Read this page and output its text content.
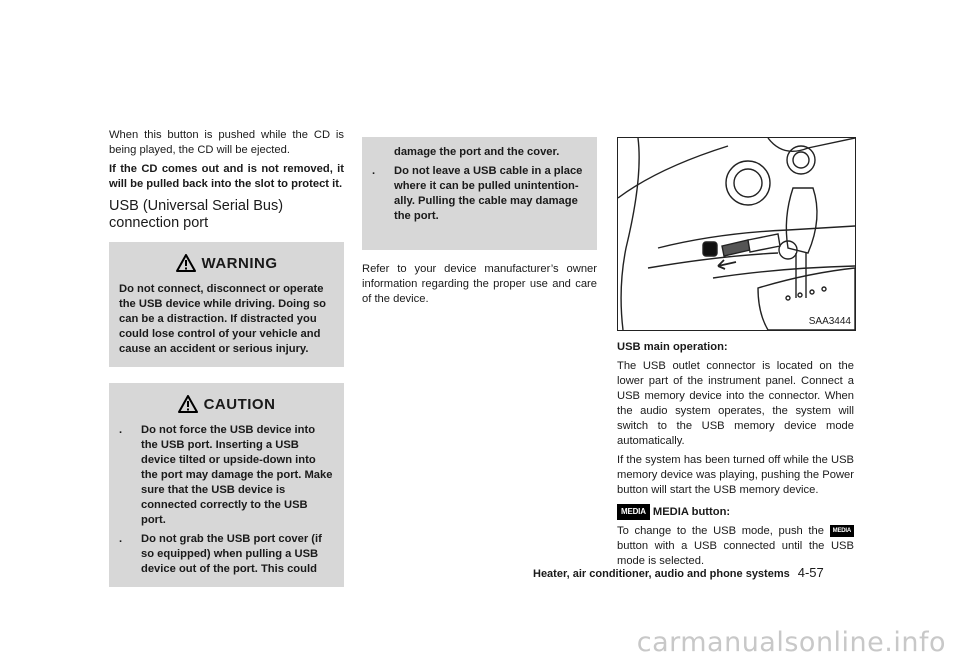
When this button is pushed while the CD is being played, the CD will be ejected.

If the CD comes out and is not removed, it will be pulled back into the slot to protect it.

USB (Universal Serial Bus) connection port
WARNING
Do not connect, disconnect or operate the USB device while driving. Doing so can be a distraction. If distracted you could lose control of your vehicle and cause an accident or serious injury.
CAUTION
.	Do not force the USB device into the USB port. Inserting a USB device tilted or upside-down into the port may damage the port. Make sure that the USB device is connected correctly to the USB port.
.	Do not grab the USB port cover (if so equipped) when pulling a USB device out of the port. This could
damage the port and the cover.
.	Do not leave a USB cable in a place where it can be pulled unintention-ally. Pulling the cable may damage the port.

Refer to your device manufacturer’s owner information regarding the proper use and care of the device.

SAA3444

USB main operation:

The USB outlet connector is located on the lower part of the instrument panel. Connect a USB memory device into the connector. When the audio system operates, the system will switch to the USB memory device mode automatically.

If the system has been turned off while the USB memory device was playing, pushing the Power button will start the USB memory device.

MEDIA MEDIA button:

To change to the USB mode, push the MEDIA button with a USB connected until the USB mode is selected.

Heater, air conditioner, audio and phone systems 4-57
carmanualsonline.info
